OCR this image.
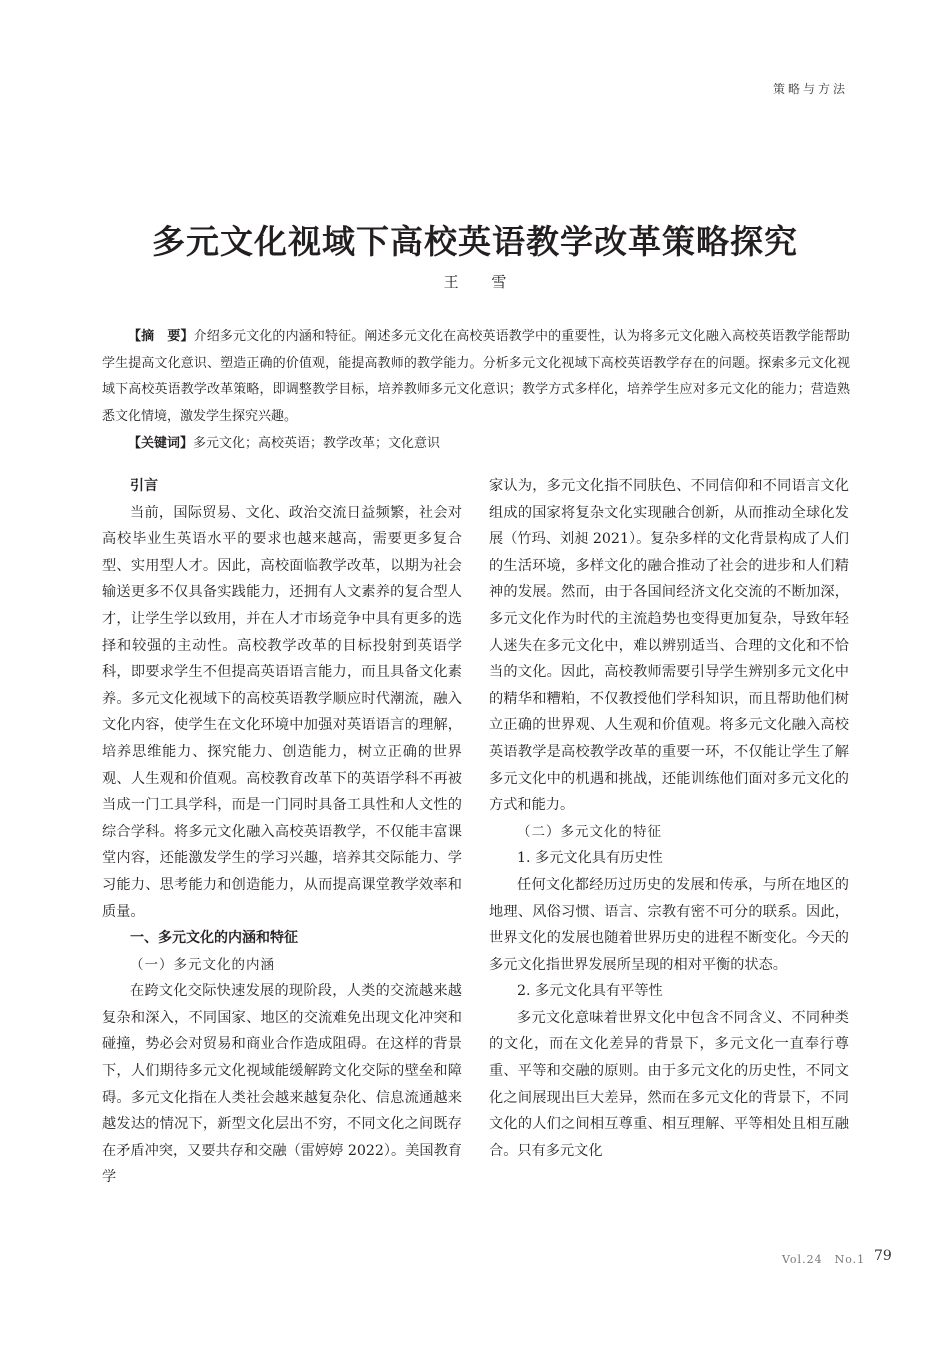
策略与方法
多元文化视域下高校英语教学改革策略探究
王 雪
【摘　要】介绍多元文化的内涵和特征。阐述多元文化在高校英语教学中的重要性，认为将多元文化融入高校英语教学能帮助学生提高文化意识、塑造正确的价值观，能提高教师的教学能力。分析多元文化视域下高校英语教学存在的问题。探索多元文化视域下高校英语教学改革策略，即调整教学目标，培养教师多元文化意识；教学方式多样化，培养学生应对多元文化的能力；营造熟悉文化情境，激发学生探究兴趣。
【关键词】多元文化；高校英语；教学改革；文化意识

引言

当前，国际贸易、文化、政治交流日益频繁，社会对高校毕业生英语水平的要求也越来越高，需要更多复合型、实用型人才。因此，高校面临教学改革，以期为社会输送更多不仅具备实践能力，还拥有人文素养的复合型人才，让学生学以致用，并在人才市场竞争中具有更多的选择和较强的主动性。高校教学改革的目标投射到英语学科，即要求学生不但提高英语语言能力，而且具备文化素养。多元文化视域下的高校英语教学顺应时代潮流，融入文化内容，使学生在文化环境中加强对英语语言的理解，培养思维能力、探究能力、创造能力，树立正确的世界观、人生观和价值观。高校教育改革下的英语学科不再被当成一门工具学科，而是一门同时具备工具性和人文性的综合学科。将多元文化融入高校英语教学，不仅能丰富课堂内容，还能激发学生的学习兴趣，培养其交际能力、学习能力、思考能力和创造能力，从而提高课堂教学效率和质量。

一、多元文化的内涵和特征

（一）多元文化的内涵

在跨文化交际快速发展的现阶段，人类的交流越来越复杂和深入，不同国家、地区的交流难免出现文化冲突和碰撞，势必会对贸易和商业合作造成阻碍。在这样的背景下，人们期待多元文化视域能缓解跨文化交际的壁垒和障碍。多元文化指在人类社会越来越复杂化、信息流通越来越发达的情况下，新型文化层出不穷，不同文化之间既存在矛盾冲突，又要共存和交融（雷婷婷 2022）。美国教育学

家认为，多元文化指不同肤色、不同信仰和不同语言文化组成的国家将复杂文化实现融合创新，从而推动全球化发展（竹玛、刘昶 2021）。复杂多样的文化背景构成了人们的生活环境，多样文化的融合推动了社会的进步和人们精神的发展。然而，由于各国间经济文化交流的不断加深，多元文化作为时代的主流趋势也变得更加复杂，导致年轻人迷失在多元文化中，难以辨别适当、合理的文化和不恰当的文化。因此，高校教师需要引导学生辨别多元文化中的精华和糟粕，不仅教授他们学科知识，而且帮助他们树立正确的世界观、人生观和价值观。将多元文化融入高校英语教学是高校教学改革的重要一环，不仅能让学生了解多元文化中的机遇和挑战，还能训练他们面对多元文化的方式和能力。

（二）多元文化的特征

1. 多元文化具有历史性

任何文化都经历过历史的发展和传承，与所在地区的地理、风俗习惯、语言、宗教有密不可分的联系。因此，世界文化的发展也随着世界历史的进程不断变化。今天的多元文化指世界发展所呈现的相对平衡的状态。

2. 多元文化具有平等性

多元文化意味着世界文化中包含不同含义、不同种类的文化，而在文化差异的背景下，多元文化一直奉行尊重、平等和交融的原则。由于多元文化的历史性，不同文化之间展现出巨大差异，然而在多元文化的背景下，不同文化的人们之间相互尊重、相互理解、平等相处且相互融合。只有多元文化

Vol.24　No.1 79
